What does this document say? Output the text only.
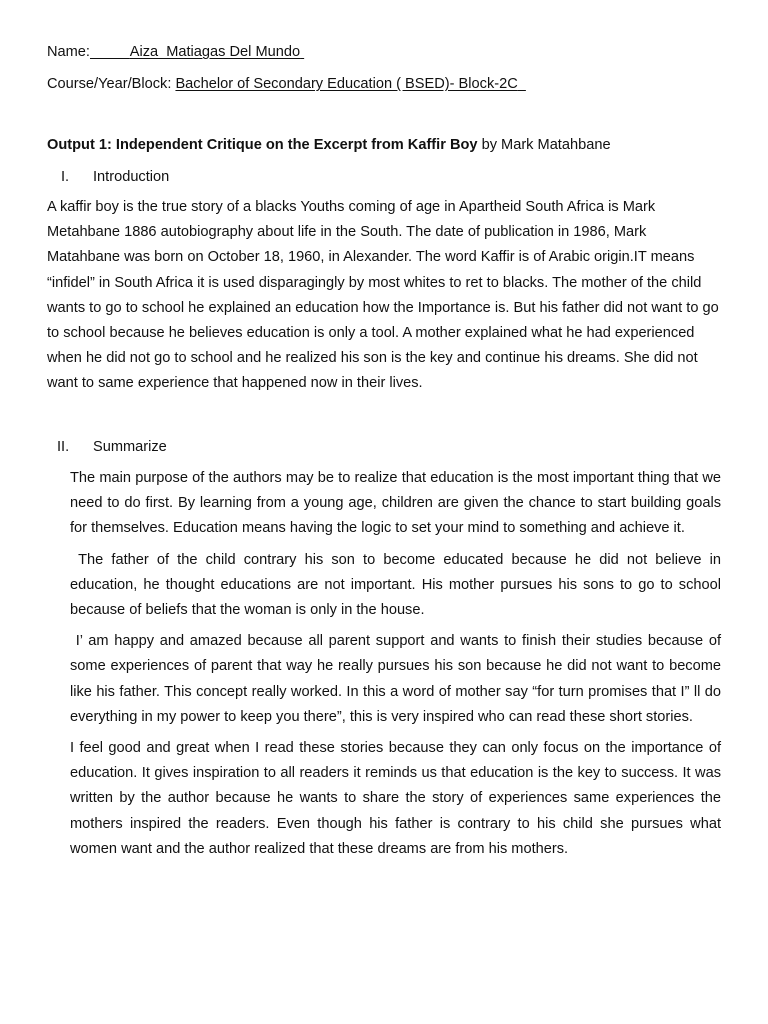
Name:	Aiza  Matiagas Del Mundo
Course/Year/Block: Bachelor of Secondary Education ( BSED)- Block-2C
Output 1: Independent Critique on the Excerpt from Kaffir Boy by Mark Matahbane
I. Introduction

A kaffir boy is the true story of a blacks Youths coming of age in Apartheid South Africa is Mark Metahbane 1886 autobiography about life in the South. The date of publication in 1986, Mark Matahbane was born on October 18, 1960, in Alexander. The word Kaffir is of Arabic origin.IT means “infidel” in South Africa it is used disparagingly by most whites to ret to blacks. The mother of the child wants to go to school he explained an education how the Importance is. But his father did not want to go to school because he believes education is only a tool. A mother explained what he had experienced when he did not go to school and he realized his son is the key and continue his dreams. She did not want to same experience that happened now in their lives.

II. Summarize

The main purpose of the authors may be to realize that education is the most important thing that we need to do first. By learning from a young age, children are given the chance to start building goals for themselves. Education means having the logic to set your mind to something and achieve it.

The father of the child contrary his son to become educated because he did not believe in education, he thought educations are not important. His mother pursues his sons to go to school because of beliefs that the woman is only in the house.

I’ am happy and amazed because all parent support and wants to finish their studies because of some experiences of parent that way he really pursues his son because he did not want to become like his father. This concept really worked. In this a word of mother say “for turn promises that I” ll do everything in my power to keep you there”, this is very inspired who can read these short stories.

I feel good and great when I read these stories because they can only focus on the importance of education. It gives inspiration to all readers it reminds us that education is the key to success. It was written by the author because he wants to share the story of experiences same experiences the mothers inspired the readers. Even though his father is contrary to his child she pursues what women want and the author realized that these dreams are from his mothers.
